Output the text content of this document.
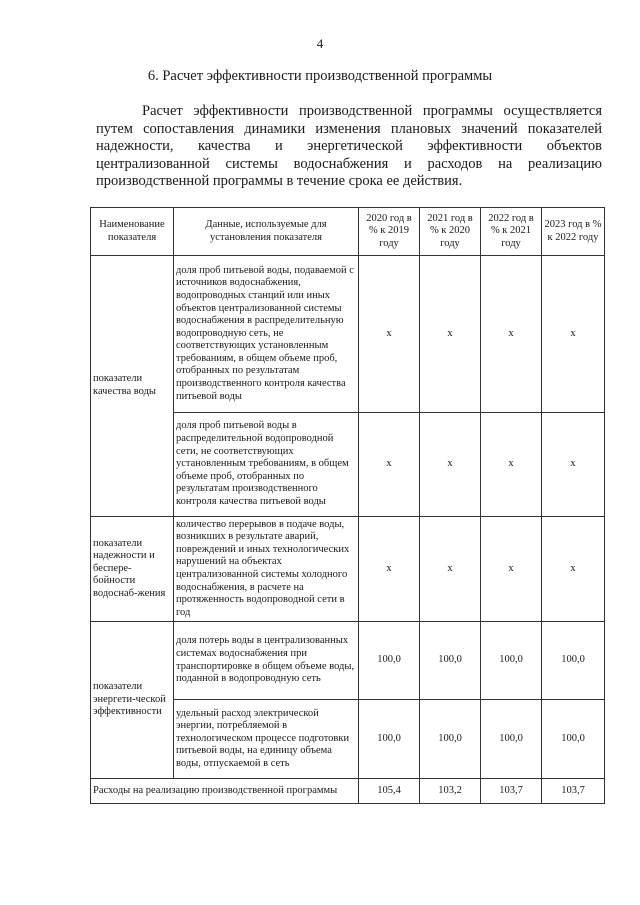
4
6. Расчет эффективности производственной программы

Расчет эффективности производственной программы осуществляется путем сопоставления динамики изменения плановых значений показателей надежности, качества и энергетической эффективности объектов централизованной системы водоснабжения и расходов на реализацию производственной программы в течение срока ее действия.

Наименование показателя	Данные, используемые для установления показателя	2020 год в % к 2019 году	2021 год в % к 2020 году	2022 год в % к 2021 году	2023 год в % к 2022 году
показатели качества воды	доля проб питьевой воды, подаваемой с источников водоснабжения, водопроводных станций или иных объектов централизованной системы водоснабжения в распределительную водопроводную сеть, не соответствующих установленным требованиям, в общем объеме проб, отобранных по результатам производственного контроля качества питьевой воды	х	х	х	х
	доля проб питьевой воды в распределительной водопроводной сети, не соответствующих установленным требованиям, в общем объеме проб, отобранных по результатам производственного контроля качества питьевой воды	х	х	х	х
показатели надежности и беспере-бойности водоснаб-жения	количество перерывов в подаче воды, возникших в результате аварий, повреждений и иных технологических нарушений на объектах централизованной системы холодного водоснабжения, в расчете на протяженность водопроводной сети в год	х	х	х	х
показатели энергети-ческой эффективности	доля потерь воды в централизованных системах водоснабжения при транспортировке в общем объеме воды, поданной в водопроводную сеть	100,0	100,0	100,0	100,0
	удельный расход электрической энергии, потребляемой в технологическом процессе подготовки питьевой воды, на единицу объема воды, отпускаемой в сеть	100,0	100,0	100,0	100,0
Расходы на реализацию производственной программы		105,4	103,2	103,7	103,7
